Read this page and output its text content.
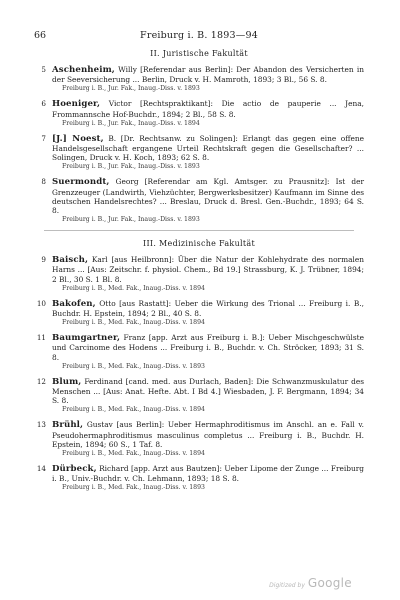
66	Freiburg i. B. 1893—94
II. Juristische Fakultät
5 Aschenheim, Willy [Referendar aus Berlin]: Der Abandon des Versicherten in der Seeversicherung ... Berlin, Druck v. H. Mamroth, 1893; 3 Bl., 56 S. 8.
Freiburg i. B., Jur. Fak., Inaug.-Diss. v. 1893
6 Hoeniger, Victor [Rechtspraktikant]: Die actio de pauperie ... Jena, Frommannsche Hof-Buchdr., 1894; 2 Bl., 58 S. 8.
Freiburg i. B., Jur. Fak., Inaug.-Diss. v. 1894
7 [J.] Noest, B. [Dr. Rechtsanw. zu Solingen]: Erlangt das gegen eine offene Handelsgesellschaft ergangene Urteil Rechtskraft gegen die Gesellschafter? ... Solingen, Druck v. H. Koch, 1893; 62 S. 8.
Freiburg i. B., Jur. Fak., Inaug.-Diss. v. 1893
8 Suermondt, Georg [Referendar am Kgl. Amtsger. zu Prausnitz]: Ist der Grenzzeuger (Landwirth, Viehzüchter, Bergwerksbesitzer) Kaufmann im Sinne des deutschen Handelsrechtes? ... Breslau, Druck d. Bresl. Gen.-Buchdr., 1893; 64 S. 8.
Freiburg i. B., Jur. Fak., Inaug.-Diss. v. 1893
III. Medizinische Fakultät
9 Baisch, Karl [aus Heilbronn]: Über die Natur der Kohlehydrate des normalen Harns ... [Aus: Zeitschr. f. physiol. Chem., Bd 19.] Strassburg, K. J. Trübner, 1894; 2 Bl., 30 S. 1 Bl. 8.
Freiburg i. B., Med. Fak., Inaug.-Diss. v. 1894
10 Bakofen, Otto [aus Rastatt]: Ueber die Wirkung des Trional ... Freiburg i. B., Buchdr. H. Epstein, 1894; 2 Bl., 40 S. 8.
Freiburg i. B., Med. Fak., Inaug.-Diss. v. 1894
11 Baumgartner, Franz [app. Arzt aus Freiburg i. B.]: Ueber Mischgeschwülste und Carcinome des Hodens ... Freiburg i. B., Buchdr. v. Ch. Ströcker, 1893; 31 S. 8.
Freiburg i. B., Med. Fak., Inaug.-Diss. v. 1893
12 Blum, Ferdinand [cand. med. aus Durlach, Baden]: Die Schwanzmuskulatur des Menschen ... [Aus: Anat. Hefte. Abt. I Bd 4.] Wiesbaden, J. F. Bergmann, 1894; 34 S. 8.
Freiburg i. B., Med. Fak., Inaug.-Diss. v. 1894
13 Brühl, Gustav [aus Berlin]: Ueber Hermaphroditismus im Anschl. an e. Fall v. Pseudohermaphroditismus masculinus completus ... Freiburg i. B., Buchdr. H. Epstein, 1894; 60 S., 1 Taf. 8.
Freiburg i. B., Med. Fak., Inaug.-Diss. v. 1894
14 Dürbeck, Richard [app. Arzt aus Bautzen]: Ueber Lipome der Zunge ... Freiburg i. B., Univ.-Buchdr. v. Ch. Lehmann, 1893; 18 S. 8.
Freiburg i. B., Med. Fak., Inaug.-Diss. v. 1893
Digitized by Google
